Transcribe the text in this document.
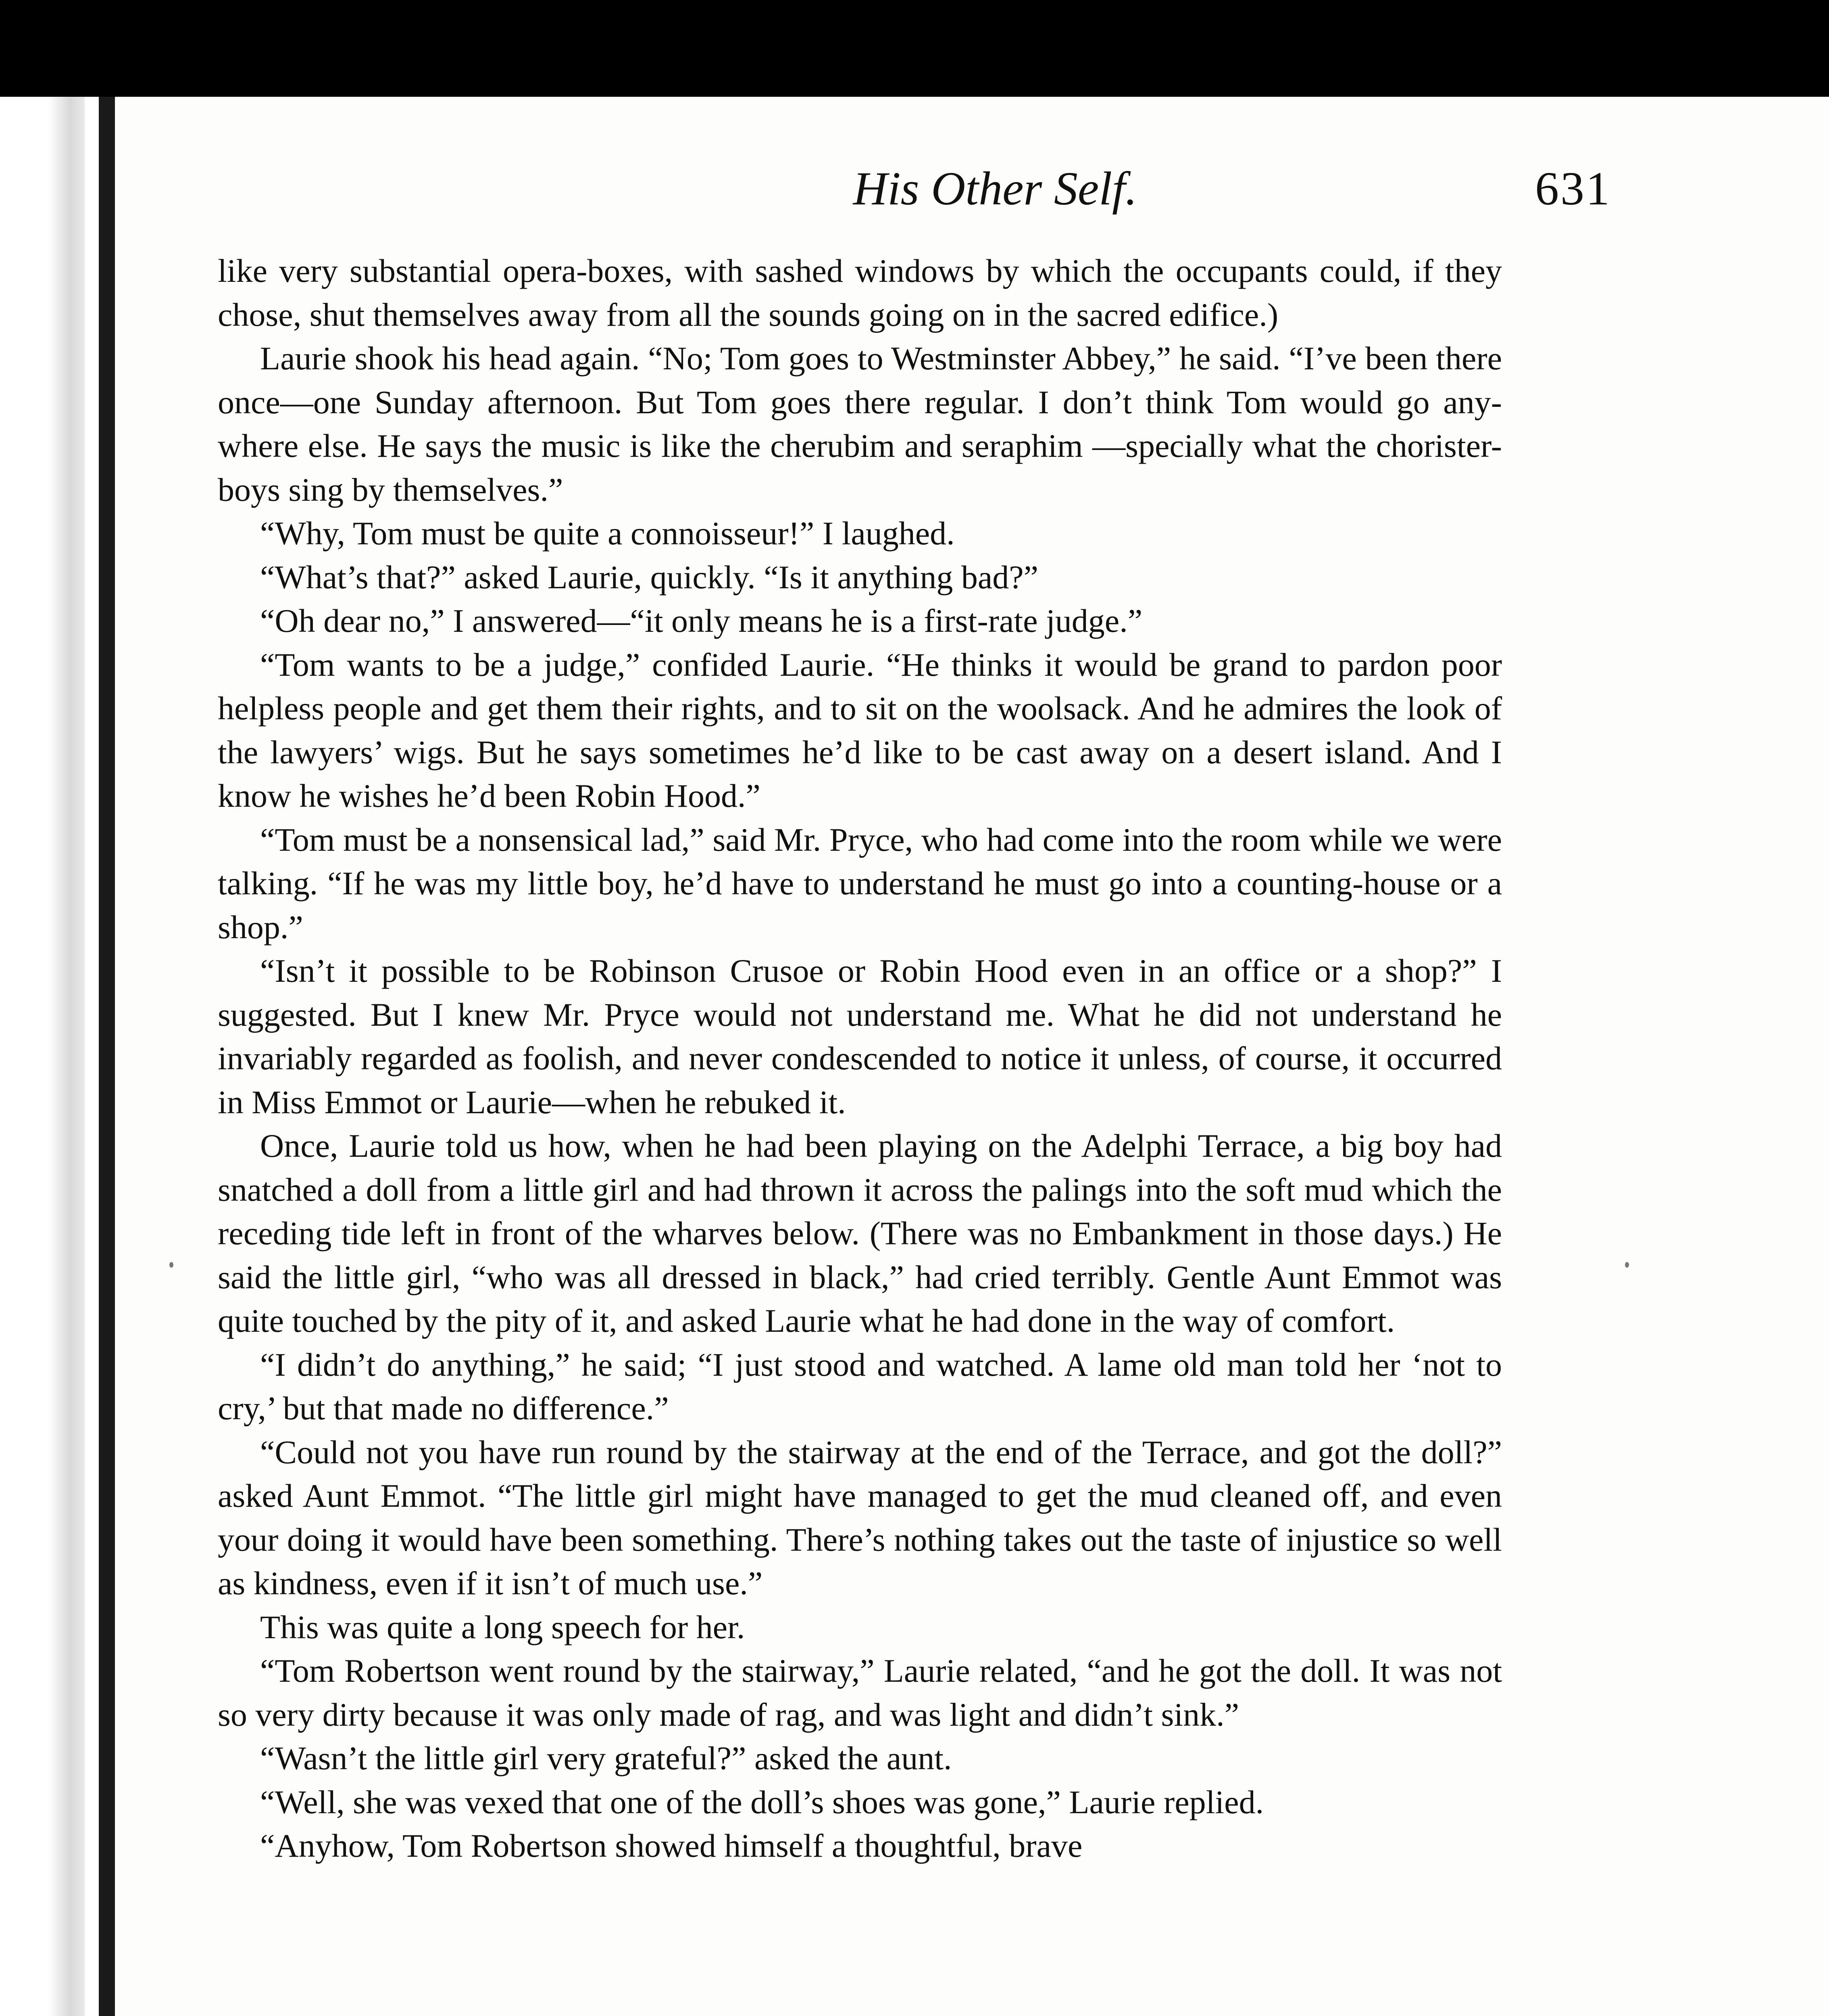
His Other Self.	631

like very substantial opera-boxes, with sashed windows by which the occupants could, if they chose, shut themselves away from all the sounds going on in the sacred edifice.)

Laurie shook his head again. “No; Tom goes to Westminster Abbey,” he said. “I’ve been there once—one Sunday afternoon. But Tom goes there regular. I don’t think Tom would go any-where else. He says the music is like the cherubim and seraphim —specially what the chorister-boys sing by themselves.”

“Why, Tom must be quite a connoisseur!” I laughed.

“What’s that?” asked Laurie, quickly. “Is it anything bad?”

“Oh dear no,” I answered—“it only means he is a first-rate judge.”

“Tom wants to be a judge,” confided Laurie. “He thinks it would be grand to pardon poor helpless people and get them their rights, and to sit on the woolsack. And he admires the look of the lawyers’ wigs. But he says sometimes he’d like to be cast away on a desert island. And I know he wishes he’d been Robin Hood.”

“Tom must be a nonsensical lad,” said Mr. Pryce, who had come into the room while we were talking. “If he was my little boy, he’d have to understand he must go into a counting-house or a shop.”

“Isn’t it possible to be Robinson Crusoe or Robin Hood even in an office or a shop?” I suggested. But I knew Mr. Pryce would not understand me. What he did not understand he invariably regarded as foolish, and never condescended to notice it unless, of course, it occurred in Miss Emmot or Laurie—when he rebuked it.

Once, Laurie told us how, when he had been playing on the Adelphi Terrace, a big boy had snatched a doll from a little girl and had thrown it across the palings into the soft mud which the receding tide left in front of the wharves below. (There was no Embankment in those days.) He said the little girl, “who was all dressed in black,” had cried terribly. Gentle Aunt Emmot was quite touched by the pity of it, and asked Laurie what he had done in the way of comfort.

“I didn’t do anything,” he said; “I just stood and watched. A lame old man told her ‘not to cry,’ but that made no difference.”

“Could not you have run round by the stairway at the end of the Terrace, and got the doll?” asked Aunt Emmot. “The little girl might have managed to get the mud cleaned off, and even your doing it would have been something. There’s nothing takes out the taste of injustice so well as kindness, even if it isn’t of much use.”

This was quite a long speech for her.

“Tom Robertson went round by the stairway,” Laurie related, “and he got the doll. It was not so very dirty because it was only made of rag, and was light and didn’t sink.”

“Wasn’t the little girl very grateful?” asked the aunt.

“Well, she was vexed that one of the doll’s shoes was gone,” Laurie replied.

“Anyhow, Tom Robertson showed himself a thoughtful, brave
